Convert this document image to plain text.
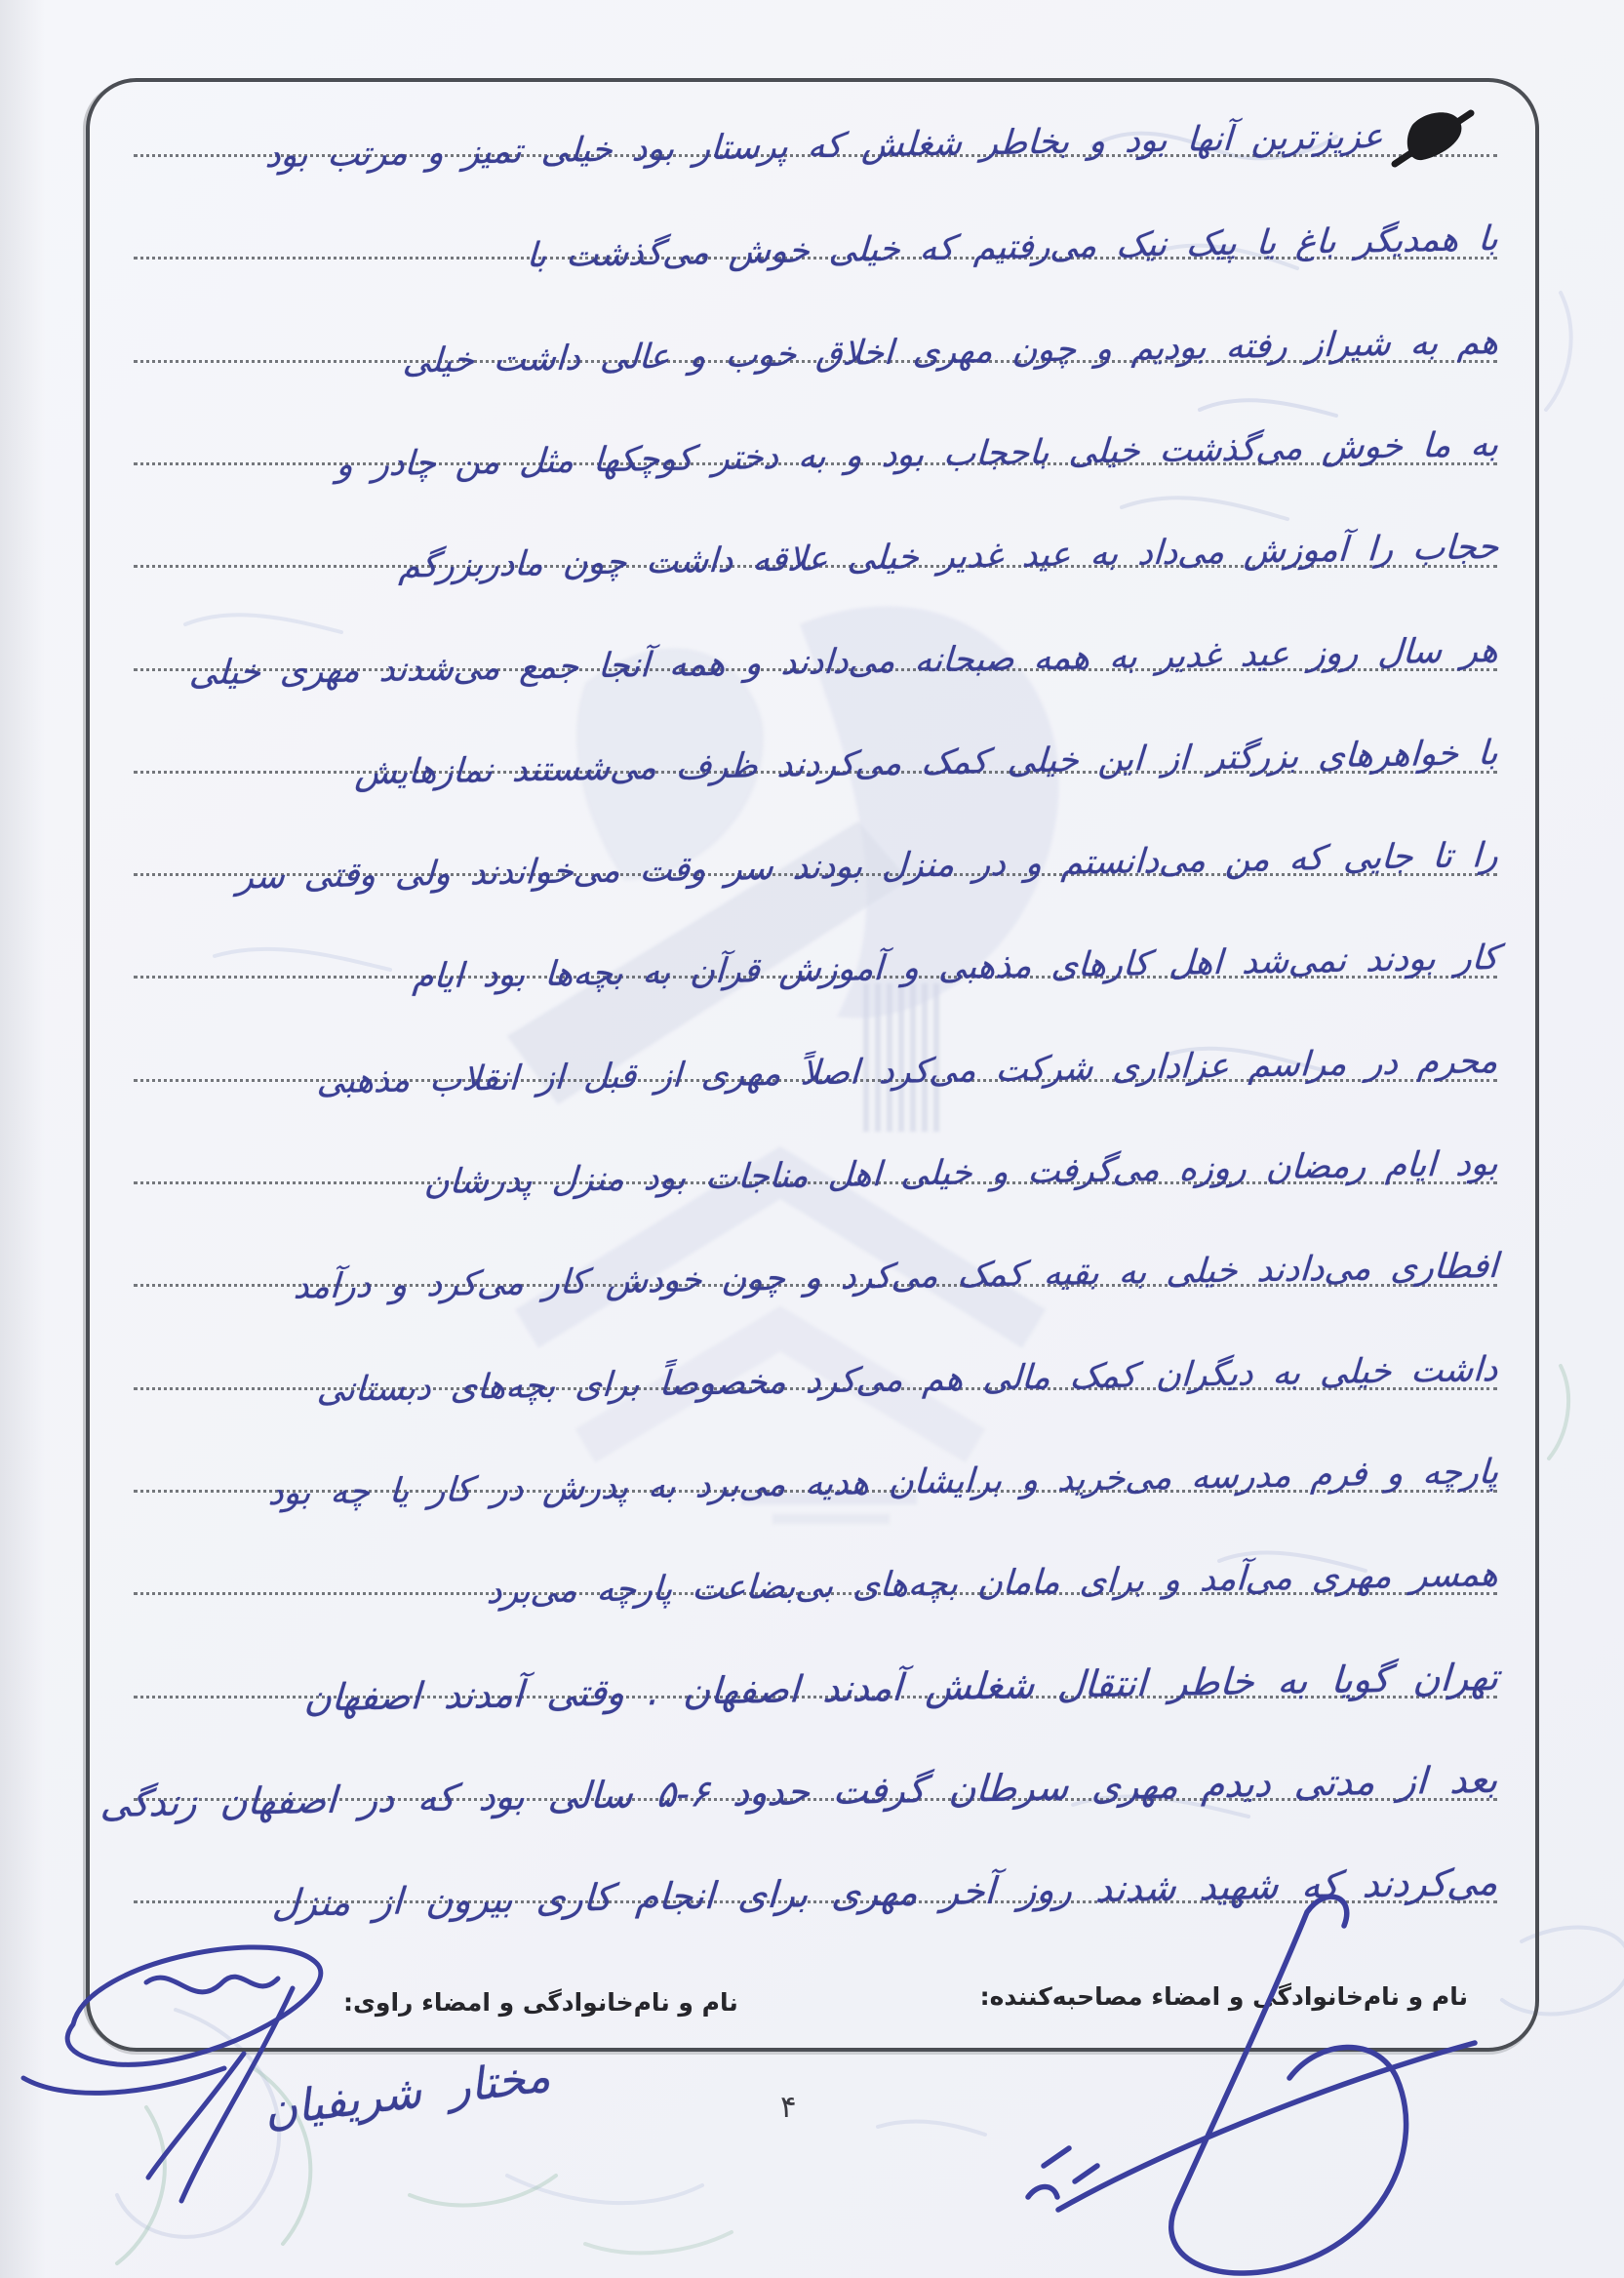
عزیزترین آنها بود و بخاطر شغلش که پرستار بود خیلی تمیز و مرتب بود
با همدیگر باغ یا پیک نیک می‌رفتیم که خیلی خوش می‌گذشت با
هم به شیراز رفته بودیم و چون مهری اخلاق خوب و عالی داشت خیلی
به ما خوش می‌گذشت خیلی باحجاب بود و به دختر کوچکها مثل من چادر و
حجاب را آموزش می‌داد به عید غدیر خیلی علاقه داشت چون مادربزرگم
هر سال روز عید غدیر به همه صبحانه می‌دادند و همه آنجا جمع می‌شدند مهری خیلی
با خواهرهای بزرگتر از این خیلی کمک می‌کردند ظرف می‌شستند نمازهایش
را تا جایی که من می‌دانستم و در منزل بودند سر وقت می‌خواندند ولی وقتی سر
کار بودند نمی‌شد اهل کارهای مذهبی و آموزش قرآن به بچه‌ها بود ایام
محرم در مراسم عزاداری شرکت می‌کرد اصلاً مهری از قبل از انقلاب مذهبی
بود ایام رمضان روزه می‌گرفت و خیلی اهل مناجات بود منزل پدرشان
افطاری می‌دادند خیلی به بقیه کمک می‌کرد و چون خودش کار می‌کرد و درآمد
داشت خیلی به دیگران کمک مالی هم می‌کرد مخصوصاً برای بچه‌های دبستانی
پارچه و فرم مدرسه می‌خرید و برایشان هدیه می‌برد به پدرش در کار یا چه بود
همسر مهری می‌آمد و برای مامان بچه‌های بی‌بضاعت پارچه می‌برد
تهران گویا به خاطر انتقال شغلش آمدند اصفهان . وقتی آمدند اصفهان
بعد از مدتی دیدم مهری سرطان گرفت حدود ۶-۵ سالی بود که در اصفهان زندگی
می‌کردند که شهید شدند روز آخر مهری برای انجام کاری بیرون از منزل
نام و نام‌خانوادگی و امضاء مصاحبه‌کننده:
نام و نام‌خانوادگی و امضاء راوی:
۴
مختار شریفیان
